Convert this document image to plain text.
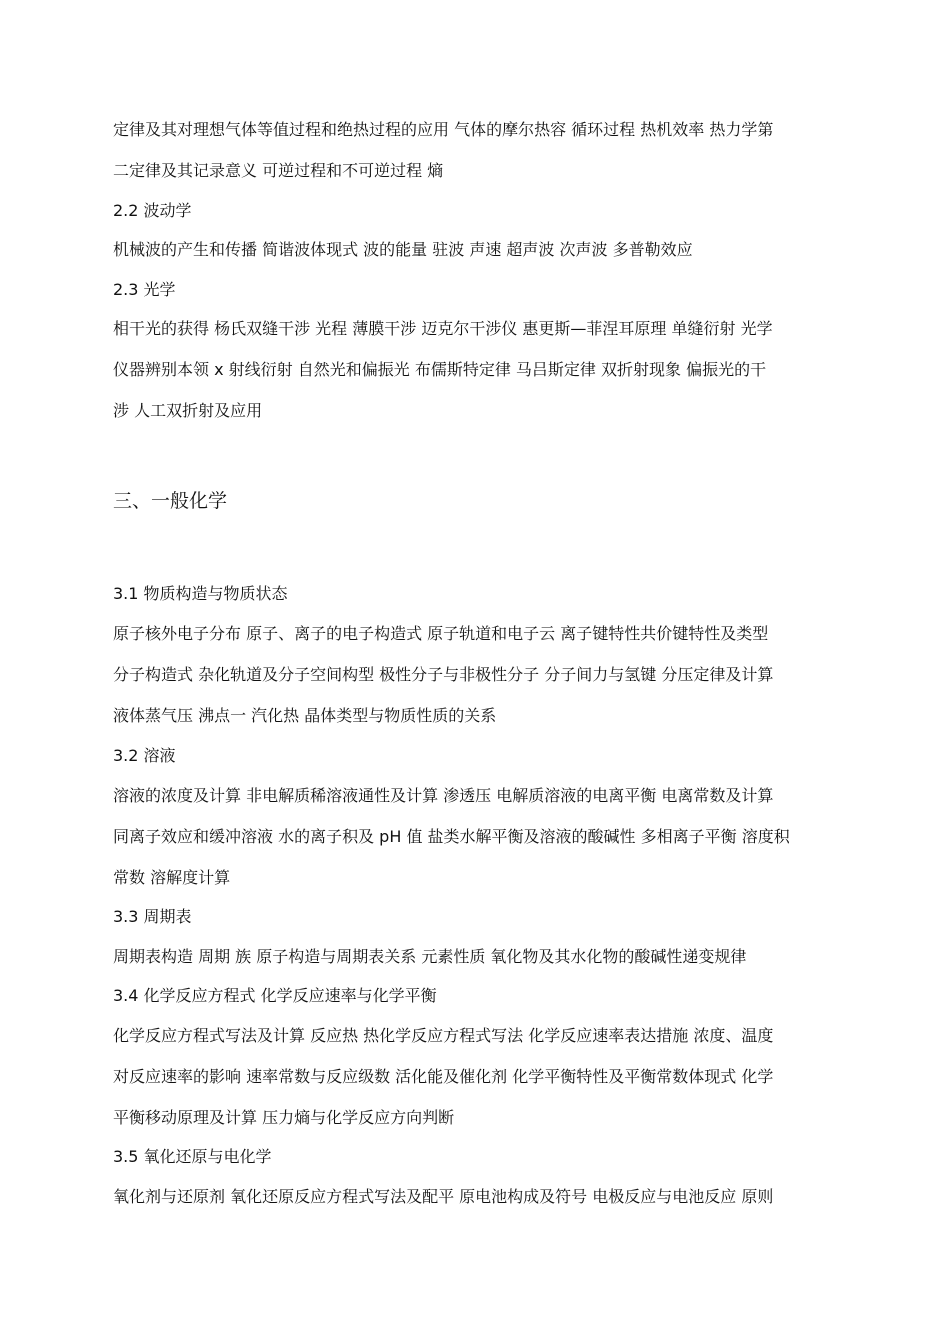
定律及其对理想气体等值过程和绝热过程的应用 气体的摩尔热容 循环过程 热机效率 热力学第
二定律及其记录意义 可逆过程和不可逆过程 熵
2.2 波动学
机械波的产生和传播 简谐波体现式 波的能量 驻波 声速 超声波 次声波 多普勒效应
2.3 光学
相干光的获得 杨氏双缝干涉 光程 薄膜干涉 迈克尔干涉仪 惠更斯—菲涅耳原理 单缝衍射 光学
仪器辨别本领 x 射线衍射 自然光和偏振光 布儒斯特定律 马吕斯定律 双折射现象 偏振光的干
涉 人工双折射及应用
三、一般化学
3.1 物质构造与物质状态
原子核外电子分布 原子、离子的电子构造式 原子轨道和电子云 离子键特性共价键特性及类型
分子构造式 杂化轨道及分子空间构型 极性分子与非极性分子 分子间力与氢键 分压定律及计算
液体蒸气压 沸点一 汽化热 晶体类型与物质性质的关系
3.2 溶液
溶液的浓度及计算 非电解质稀溶液通性及计算 渗透压 电解质溶液的电离平衡 电离常数及计算
同离子效应和缓冲溶液 水的离子积及 pH 值 盐类水解平衡及溶液的酸碱性 多相离子平衡 溶度积
常数 溶解度计算
3.3 周期表
周期表构造 周期 族 原子构造与周期表关系 元素性质 氧化物及其水化物的酸碱性递变规律
3.4 化学反应方程式 化学反应速率与化学平衡
化学反应方程式写法及计算 反应热 热化学反应方程式写法 化学反应速率表达措施 浓度、温度
对反应速率的影响 速率常数与反应级数 活化能及催化剂 化学平衡特性及平衡常数体现式 化学
平衡移动原理及计算 压力熵与化学反应方向判断
3.5 氧化还原与电化学
氧化剂与还原剂 氧化还原反应方程式写法及配平 原电池构成及符号 电极反应与电池反应 原则
